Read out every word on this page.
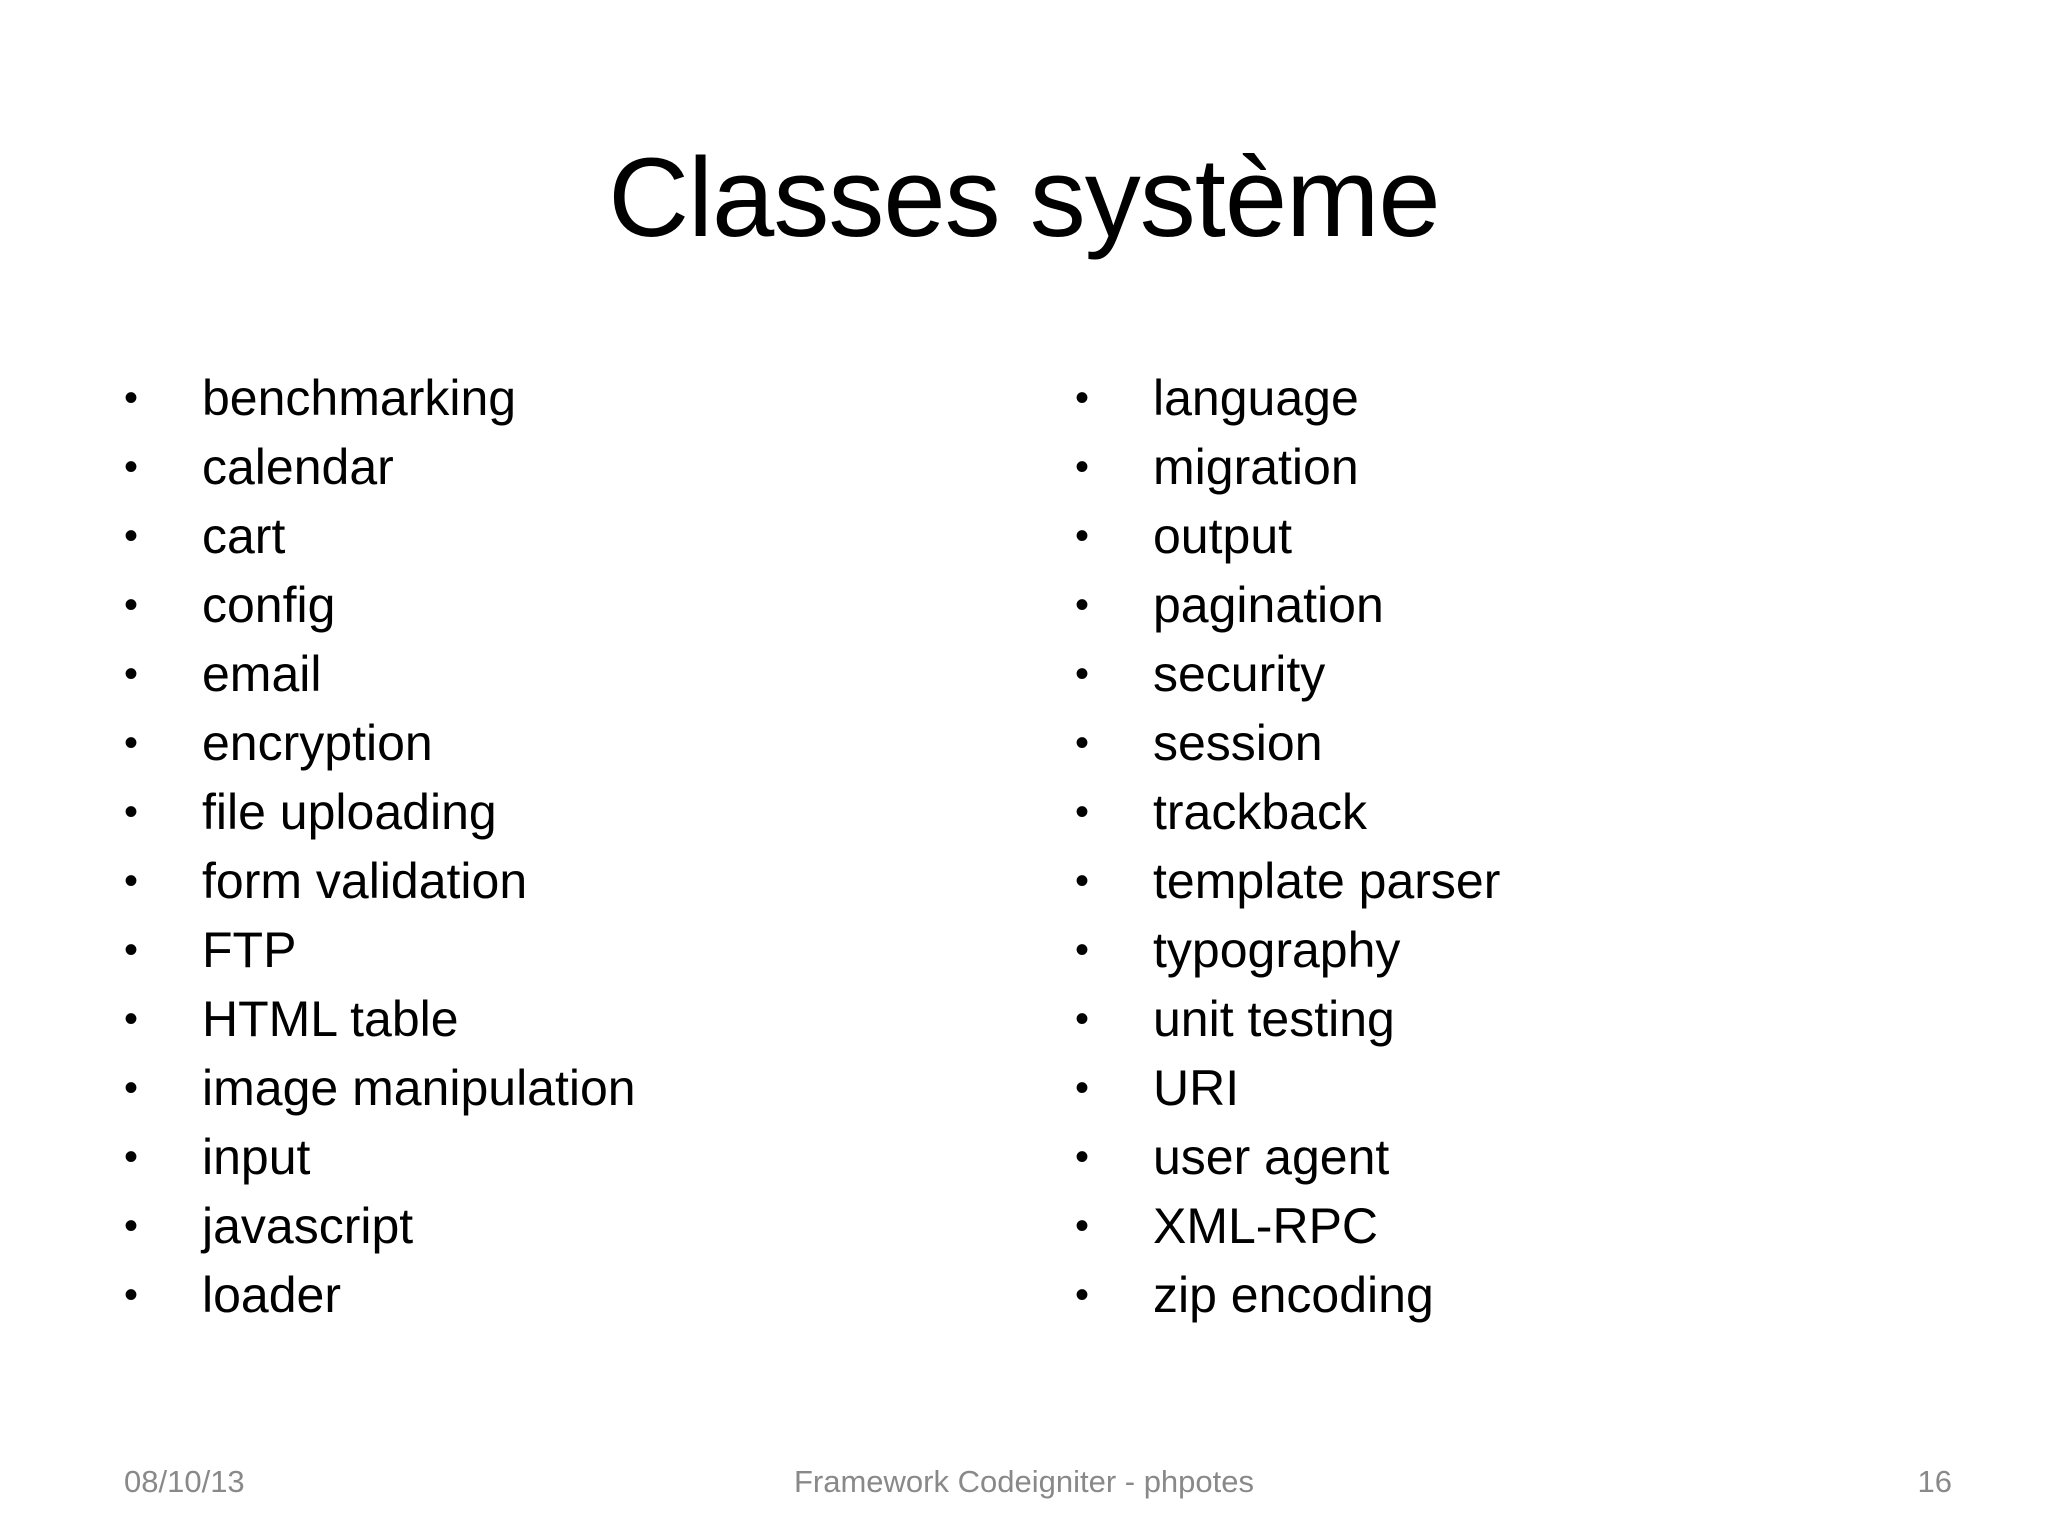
Classes système
•	benchmarking
•	calendar
•	cart
•	config
•	email
•	encryption
•	file uploading
•	form validation
•	FTP
•	HTML table
•	image manipulation
•	input
•	javascript
•	loader
•	language
•	migration
•	output
•	pagination
•	security
•	session
•	trackback
•	template parser
•	typography
•	unit testing
•	URI
•	user agent
•	XML-RPC
•	zip encoding
08/10/13	Framework Codeigniter - phpotes	16
